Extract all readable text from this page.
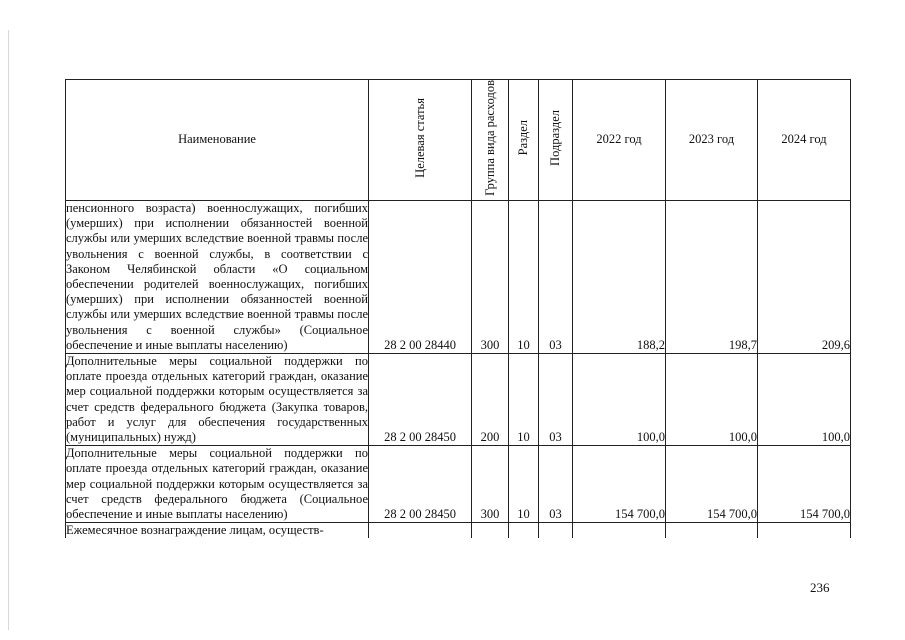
Наименование	Целевая статья	Группа вида расходов	Раздел	Подраздел	2022 год	2023 год	2024 год
пенсионного возраста) военнослужащих, погибших (умерших) при исполнении обязанностей военной службы или умерших вследствие военной травмы после увольнения с военной службы, в соответствии с Законом Челябинской области «О социальном обеспечении родителей военнослужащих, погибших (умерших) при исполнении обязанностей военной службы или умерших вследствие военной травмы после увольнения с военной службы» (Социальное обеспечение и иные выплаты населению)	28 2 00 28440	300	10	03	188,2	198,7	209,6
Дополнительные меры социальной поддержки по оплате проезда отдельных категорий граждан, оказание мер социальной поддержки которым осуществляется за счет средств федерального бюджета (Закупка товаров, работ и услуг для обеспечения государственных (муниципальных) нужд)	28 2 00 28450	200	10	03	100,0	100,0	100,0
Дополнительные меры социальной поддержки по оплате проезда отдельных категорий граждан, оказание мер социальной поддержки которым осуществляется за счет средств федерального бюджета (Социальное обеспечение и иные выплаты населению)	28 2 00 28450	300	10	03	154 700,0	154 700,0	154 700,0
Ежемесячное вознаграждение лицам, осуществ-							
236
